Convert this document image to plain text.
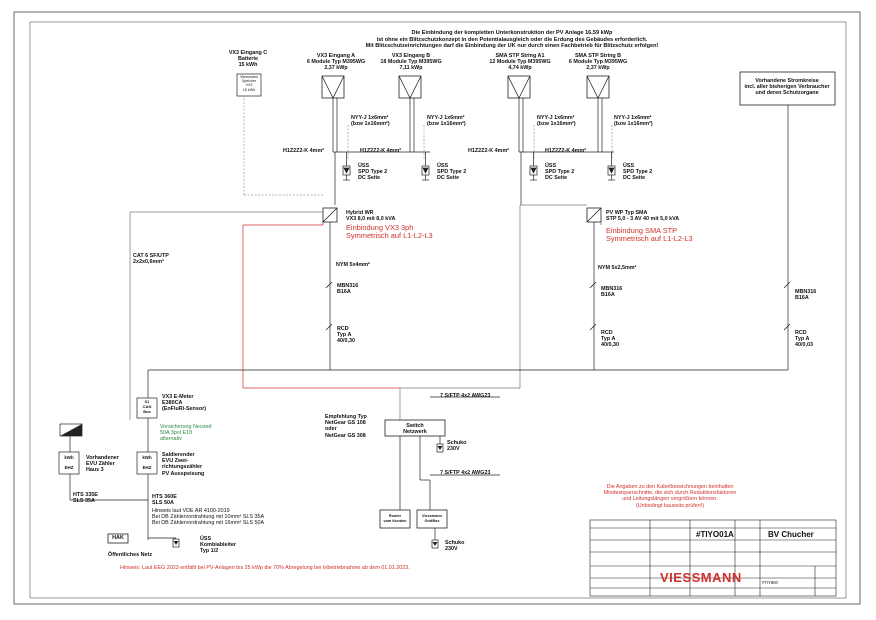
Die Einbindung der kompletten Unterkonstruktion der PV Anlage 16,59 kWp
ist ohne ein Blitzschutzkonzept in den Potentialausgleich oder die Erdung des Gebäudes erforderlich.
Mit Blitzschutzeinrichtungen darf die Einbindung der UK nur durch einen Fachbetrieb für Blitzschutz erfolgen!
VX3 Eingang C
Batterie
15 kWh
Viessmann
Speicher
VX3
15 kWh
VX3 Eingang A
6 Module Typ M395WG
2,37 kWp
VX3 Eingang B
18 Module Typ M395WG
7,11 kWp
SMA STP String A1
12 Module Typ M395WG
4,74 kWp
SMA STP String B
6 Module Typ M395WG
2,37 kWp
Vorhandene Stromkreise
incl. aller bisherigen Verbraucher
und deren Schutzorgane
NYY-J 1x6mm²
(bzw 1x16mm²)
NYY-J 1x6mm²
(bzw 1x16mm²)
NYY-J 1x6mm²
(bzw 1x16mm²)
NYY-J 1x6mm²
(bzw 1x16mm²)
H1Z2Z2-K 4mm²	H1Z2Z2-K 4mm²	H1Z2Z2-K 4mm²	H1Z2Z2-K 4mm²
ÜSS
SPD Type 2
DC Seite
ÜSS
SPD Type 2
DC Seite
ÜSS
SPD Type 2
DC Seite
ÜSS
SPD Type 2
DC Seite
Hybrid WR
VX3 8,0 mit 8,0 kVA
Einbindung VX3 3ph
Symmetrisch auf L1-L2-L3
PV WP Typ SMA
STP 5,0 - 3 AV 40 mit 5,0 kVA
Einbindung SMA STP
Symmetrisch auf L1-L2-L3
CAT 6 SF/UTP
2x2x0,6mm²	NYM 5x4mm²	NYM 5x2,5mm²
MBN316
B16A
MBN316
B16A
MBN316
B16A
RCD
Typ A
40/0,30
RCD
Typ A
40/0,30
RCD
Typ A
40/0,03
S1
CAN
Bus
VX3 E-Meter
E380CA
(EnFluRi-Sensor)
Vorsicherung Neozed
50A 3pol E18
alternativ
kWh
EHZ
Vorhandener
EVU Zähler
Haus 3
kWh
EHZ
Saldierender
EVU Zwei-
richtungszähler
PV Ausspeisung
HTS 335E
SLS 35A
HTS 360E
SLS 50A
Hinweis laut VDE AR 4100-2019
Bei DB Zählervordrahtung mit 10mm² SLS 35A
Bei DB Zählervordrahtung mit 16mm² SLS 50A
HAK
Öffentliches Netz
ÜSS
Kombiableiter
Typ 1/2
Empfehlung Typ
NetGear GS 108
oder
NetGear GS 308
Switch
Netzwerk
7 S/FTP 4x2 AWG23
7 S/FTP 4x2 AWG23
Schuko
230V
Schuko
230V
Router
vom Kunden
Viessmann
GridBox
Die Angaben zu den Kabelbezeichnungen beinhalten
Mindestquerschnitte, die sich durch Reduktionsfaktoren
und Leitungslängen vergrößern können.
(Unbedingt bauseits prüfen!)
Hinweis: Laut EEG 2023 entfällt bei PV-Anlagen bis 25 kWp die 70% Abregelung bei Inbetriebnahme ab dem 01.01.2023.
#TIYO01A	BV Chucher
VIESSMANN	#TIY600
